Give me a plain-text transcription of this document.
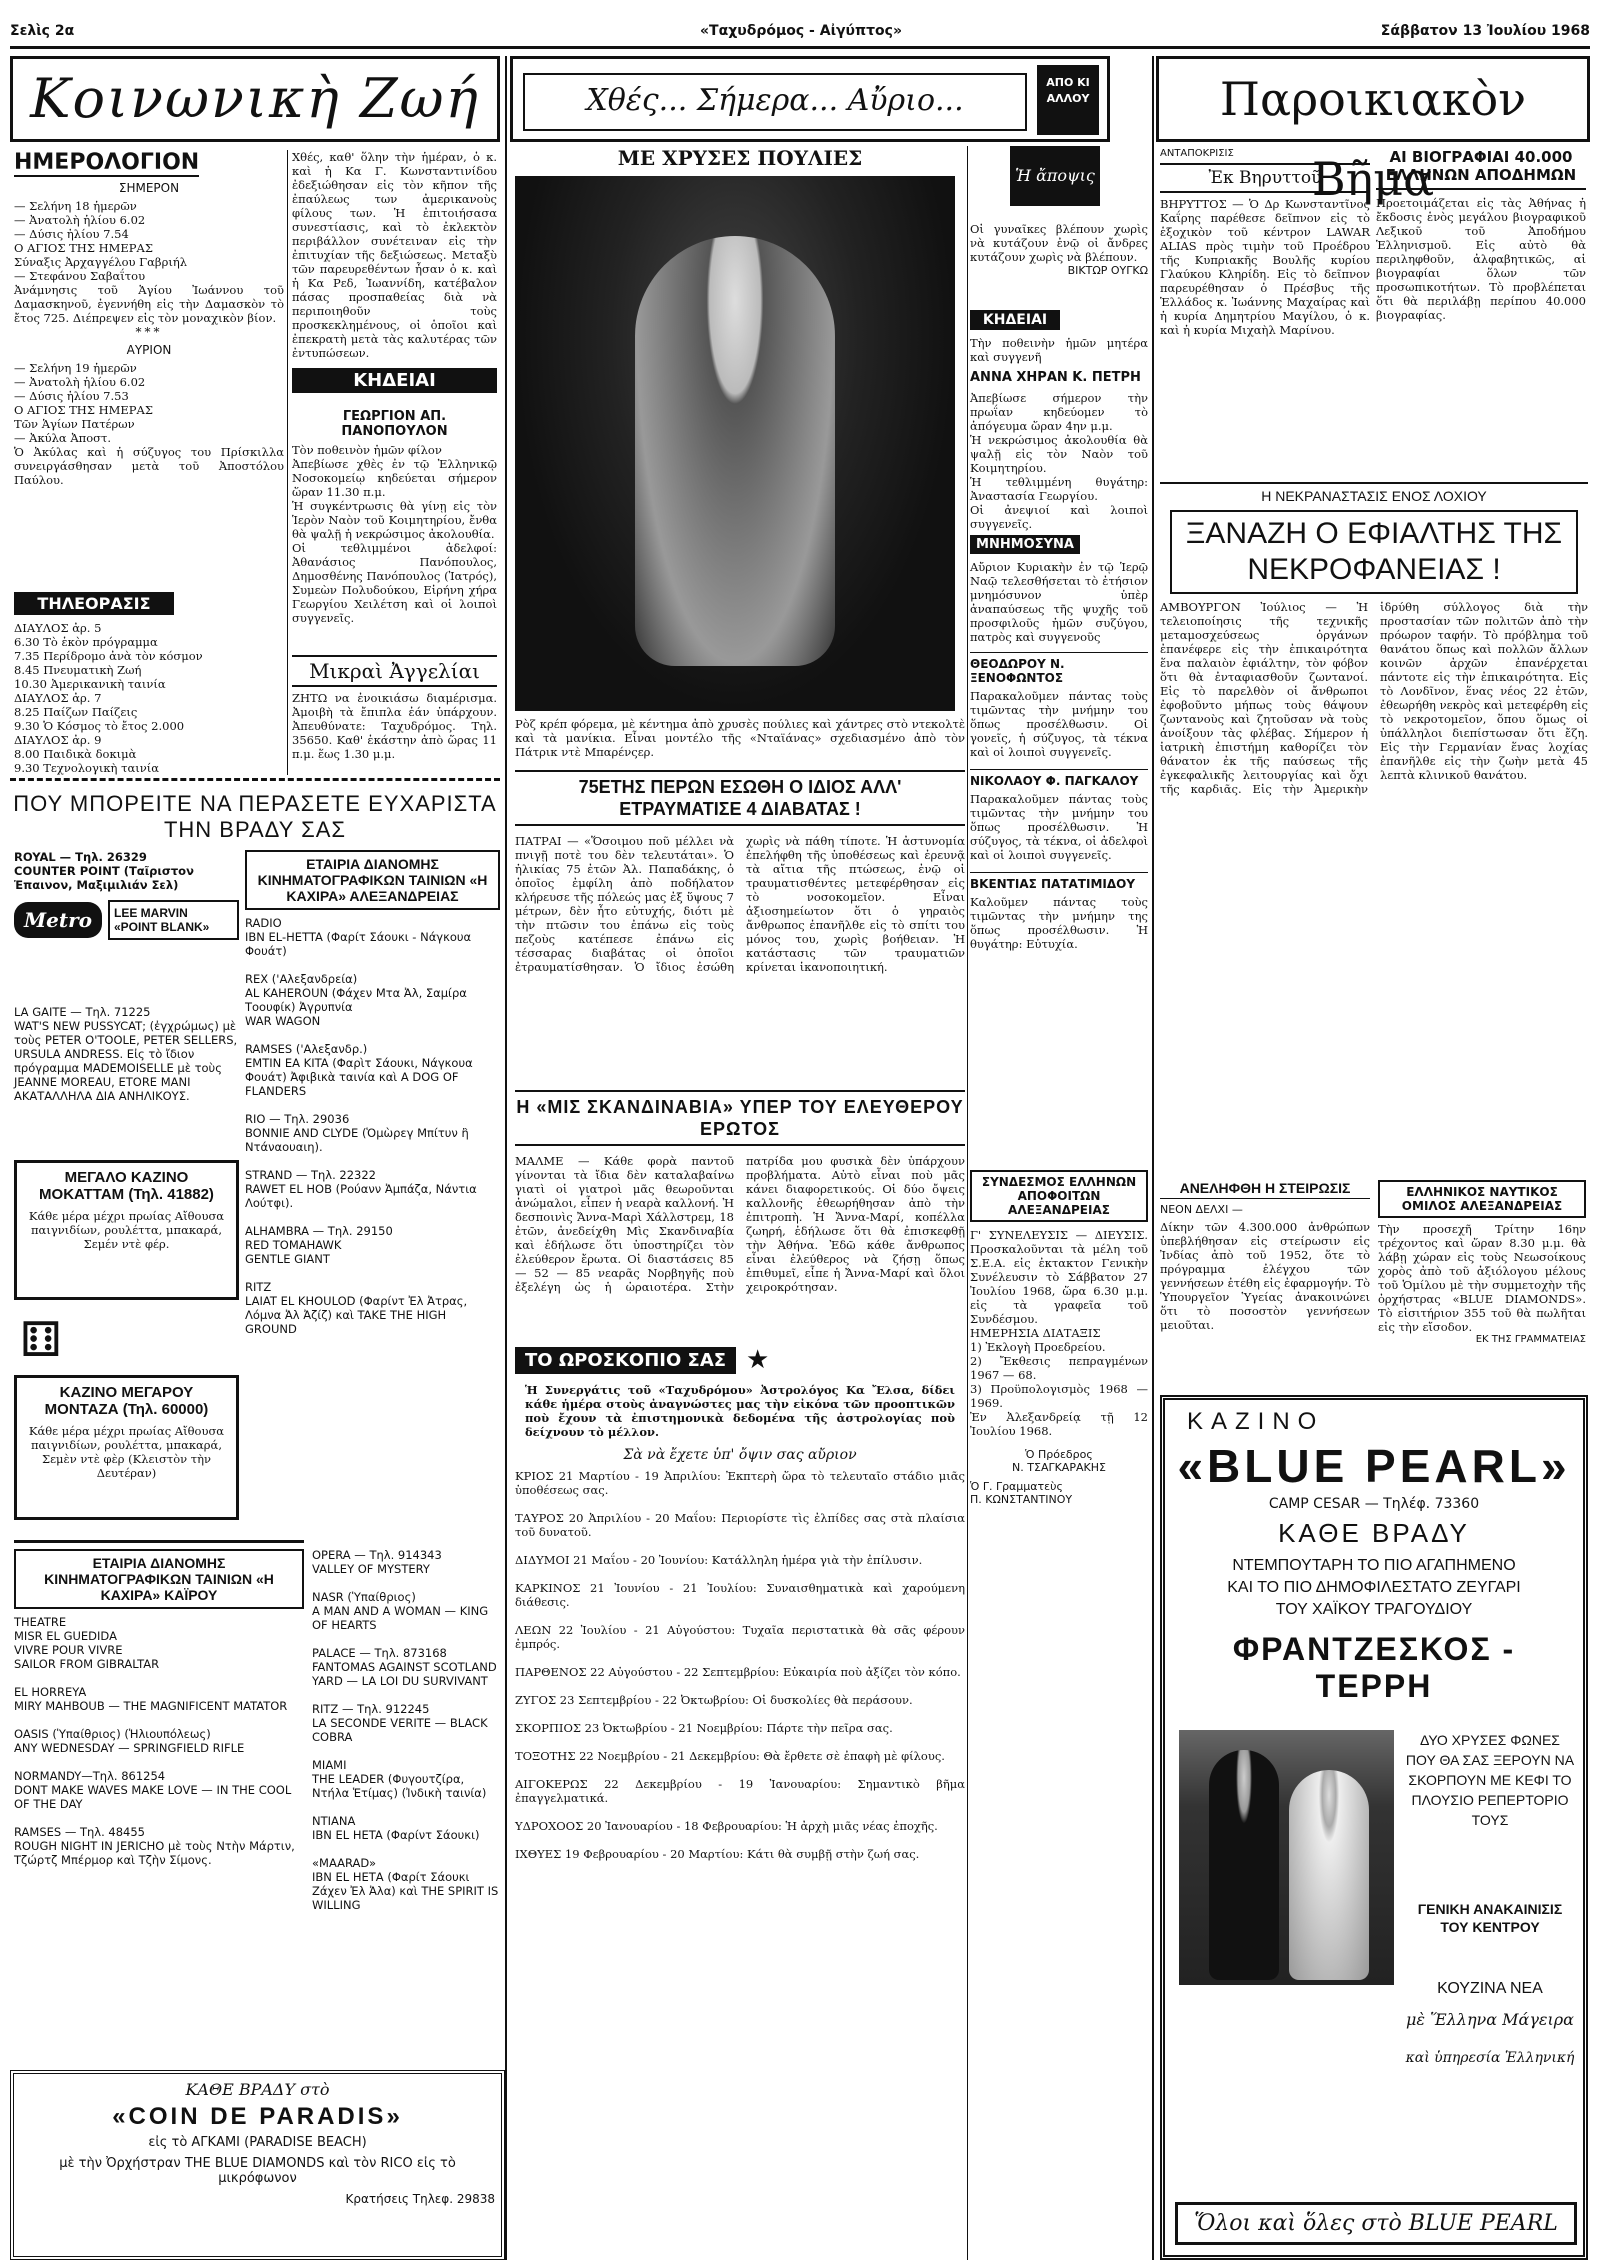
Σελὶς 2α	«Ταχυδρόμος - Αἰγύπτος»	Σάββατον 13 Ἰουλίου 1968
Κοινωνικὴ Ζωή
ΗΜΕΡΟΛΟΓΙΟΝ
ΣΗΜΕΡΟΝ
— Σελήνη 18 ἡμερῶν
— Ἀνατολὴ ἡλίου 6.02
— Δύσις ἡλίου 7.54
Ο ΑΓΙΟΣ ΤΗΣ ΗΜΕΡΑΣ
Σύναξις Ἀρχαγγέλου Γαβριήλ
— Στεφάνου Σαβαΐτου
Ἀνάμνησις τοῦ Ἁγίου Ἰωάννου τοῦ Δαμασκηνοῦ, ἐγεννήθη εἰς τὴν Δαμασκὸν τὸ ἔτος 725. Διέπρεψεν εἰς τὸν μοναχικὸν βίον.
***
ΑΥΡΙΟΝ
— Σελήνη 19 ἡμερῶν
— Ἀνατολὴ ἡλίου 6.02
— Δύσις ἡλίου 7.53
Ο ΑΓΙΟΣ ΤΗΣ ΗΜΕΡΑΣ
Τῶν Ἁγίων Πατέρων
— Ἀκύλα Ἀποστ.
Ὁ Ἀκύλας καὶ ἡ σύζυγος του Πρίσκιλλα συνειργάσθησαν μετὰ τοῦ Ἀποστόλου Παύλου.
ΤΗΛΕΟΡΑΣΙΣ
ΔΙΑΥΛΟΣ ἀρ. 5
6.30 Τὸ ἑκὸν πρόγραμμα
7.35 Περίδρομο ἀνὰ τὸν κόσμον
8.45 Πνευματικὴ Ζωή
10.30 Ἀμερικανικὴ ταινία
ΔΙΑΥΛΟΣ ἀρ. 7
8.25 Παίζων Παίζεις
9.30 Ὁ Κόσμος τὸ ἔτος 2.000
ΔΙΑΥΛΟΣ ἀρ. 9
8.00 Παιδικὰ δοκιμὰ
9.30 Τεχνολογικὴ ταινία
Χθές, καθ' ὅλην τὴν ἡμέραν, ὁ κ. καὶ ἡ Κα Γ. Κωνσταντινίδου ἐδεξιώθησαν εἰς τὸν κῆπον τῆς ἐπαύλεως των ἀμερικανοὺς φίλους των. Ἡ ἐπιτοιήσασα συνεστίασις, καὶ τὸ ἐκλεκτὸν περιβάλλον συνέτειναν εἰς τὴν ἐπιτυχίαν τῆς δεξιώσεως. Μεταξὺ τῶν παρευρεθέντων ἦσαν ὁ κ. καὶ ἡ Κα Ρεδ, Ἰωαννίδη, κατέβαλον πάσας προσπαθείας διὰ νὰ περιποιηθοῦν τοὺς προσκεκλημένους, οἱ ὁποῖοι καὶ ἐπεκρατὴ μετὰ τὰς καλυτέρας τῶν ἐντυπώσεων.
ΚΗΔΕΙΑΙ
ΓΕΩΡΓΙΟΝ ΑΠ. ΠΑΝΟΠΟΥΛΟΝ
Τὸν ποθεινὸν ἡμῶν φίλον
Ἀπεβίωσε χθὲς ἐν τῷ Ἑλληνικῷ Νοσοκομείῳ κηδεύεται σήμερον ὥραν 11.30 π.μ.
Ἡ συγκέντρωσις θὰ γίνῃ εἰς τὸν Ἱερὸν Ναὸν τοῦ Κοιμητηρίου, ἔνθα θὰ ψαλῇ ἡ νεκρώσιμος ἀκολουθία.
Οἱ τεθλιμμένοι ἀδελφοί: Ἀθανάσιος Πανόπουλος, Δημοσθένης Πανόπουλος (Ἰατρός), Συμεὼν Πολυδούκου, Εἰρήνη χήρα Γεωργίου Χειλέτση καὶ οἱ λοιποὶ συγγενεῖς.
Μικραὶ Ἀγγελίαι
ΖΗΤΩ να ἐνοικιάσω διαμέρισμα. Ἀμοιβὴ τὰ ἔπιπλα ἐάν ὑπάρχουν. Ἀπευθύνατε: Ταχυδρόμος. Τηλ. 35650. Καθ' ἑκάστην ἀπὸ ὥρας 11 π.μ. ἕως 1.30 μ.μ.
Χθές... Σήμερα... Αὔριο...
ΑΠΟ ΚΙ ΑΛΛΟΥ
ΜΕ ΧΡΥΣΕΣ ΠΟΥΛΙΕΣ
Ρὸζ κρέπ φόρεμα, μὲ κέντημα ἀπὸ χρυσὲς πούλιες καὶ χάντρες στὸ ντεκολτὲ καὶ τὰ μανίκια. Εἶναι μοντέλο τῆς «Νταϊάνας» σχεδιασμένο ἀπὸ τὸν Πάτρικ ντὲ Μπαρένςερ.
Ἡ ἄποψις
Οἱ γυναῖκες βλέπουν χωρὶς νὰ κυτάζουν ἐνῷ οἱ ἄνδρες κυτάζουν χωρὶς νὰ βλέπουν.
ΒΙΚΤΩΡ ΟΥΓΚΩ
ΚΗΔΕΙΑΙ
Τὴν ποθεινὴν ἡμῶν μητέρα καὶ συγγενῆ
ΑΝΝΑ ΧΗΡΑΝ Κ. ΠΕΤΡΗ
Ἀπεβίωσε σήμερον τὴν πρωΐαν κηδεύομεν τὸ ἀπόγευμα ὥραν 4ην μ.μ.
Ἡ νεκρώσιμος ἀκολουθία θὰ ψαλῇ εἰς τὸν Ναὸν τοῦ Κοιμητηρίου.
Ἡ τεθλιμμένη θυγάτηρ: Ἀναστασία Γεωργίου.
Οἱ ἀνεψιοί καὶ λοιποὶ συγγενεῖς.
ΜΝΗΜΟΣΥΝΑ
Αὔριον Κυριακὴν ἐν τῷ Ἱερῷ Ναῷ τελεσθήσεται τὸ ἐτήσιον μνημόσυνον ὑπὲρ ἀναπαύσεως τῆς ψυχῆς τοῦ προσφιλοῦς ἡμῶν συζύγου, πατρὸς καὶ συγγενοῦς
ΘΕΟΔΩΡΟΥ Ν. ΞΕΝΟΦΩΝΤΟΣ
Παρακαλοῦμεν πάντας τοὺς τιμῶντας τὴν μνήμην του ὅπως προσέλθωσιν. Οἱ γονεῖς, ἡ σύζυγος, τὰ τέκνα καὶ οἱ λοιποὶ συγγενεῖς.
ΝΙΚΟΛΑΟΥ Φ. ΠΑΓΚΑΛΟΥ
Παρακαλοῦμεν πάντας τοὺς τιμῶντας τὴν μνήμην του ὅπως προσέλθωσιν. Ἡ σύζυγος, τὰ τέκνα, οἱ ἀδελφοὶ καὶ οἱ λοιποὶ συγγενεῖς.
ΒΚΕΝΤΙΑΣ ΠΑΤΑΤΙΜΙΔΟΥ
Καλοῦμεν πάντας τοὺς τιμῶντας τὴν μνήμην της ὅπως προσέλθωσιν. Ἡ θυγάτηρ: Εὐτυχία.
75ΕΤΗΣ ΠΕΡΩΝ ΕΣΩΘΗ Ο ΙΔΙΟΣ ΑΛΛ' ΕΤΡΑΥΜΑΤΙΣΕ 4 ΔΙΑΒΑΤΑΣ !
ΠΑΤΡΑΙ — «Ὅσοιμου ποῦ μέλλει νὰ πνιγῇ ποτὲ του δὲν τελευτάται». Ὁ ἡλικίας 75 ἐτῶν Ἀλ. Παπαδάκης, ὁ ὁποῖος ἐμφίλη ἀπὸ ποδήλατον κλήρευσε τῆς πόλεώς μας ἐξ ὕψους 7 μέτρων, δὲν ἦτο εὐτυχής, διότι μὲ τὴν πτῶσιν του ἐπάνω εἰς τοὺς πεζοὺς κατέπεσε ἐπάνω εἰς τέσσαρας διαβάτας οἱ ὁποῖοι ἐτραυματίσθησαν. Ὁ ἴδιος ἐσώθη χωρὶς νὰ πάθη τίποτε. Ἡ ἀστυνομία ἐπελήφθη τῆς ὑποθέσεως καὶ ἐρευνᾷ τὰ αἴτια τῆς πτώσεως, ἐνῷ οἱ τραυματισθέντες μετεφέρθησαν εἰς τὸ νοσοκομεῖον. Εἶναι ἀξιοσημείωτον ὅτι ὁ γηραιὸς ἄνθρωπος ἐπανῆλθε εἰς τὸ σπίτι του μόνος του, χωρὶς βοήθειαν. Ἡ κατάστασις τῶν τραυματιῶν κρίνεται ἱκανοποιητική.
Η «ΜΙΣ ΣΚΑΝΔΙΝΑΒΙΑ» ΥΠΕΡ ΤΟΥ ΕΛΕΥΘΕΡΟΥ ΕΡΩΤΟΣ
ΜΑΛΜΕ — Κάθε φορὰ παντοῦ γίνονται τὰ ἴδια δὲν καταλαβαίνω γιατὶ οἱ γιατροὶ μᾶς θεωροῦνται ἀνώμαλοι, εἶπεν ἡ νεαρὰ καλλονή. Ἡ δεσποινὶς Ἄννα-Μαρὶ Χάλλστρεμ, 18 ἐτῶν, ἀνεδείχθη Μὶς Σκανδιναβία καὶ ἐδήλωσε ὅτι ὑποστηρίζει τὸν ἐλεύθερον ἔρωτα. Οἱ διαστάσεις 85 — 52 — 85 νεαρᾶς Νορβηγῆς ποὺ ἐξελέγη ὡς ἡ ὡραιοτέρα. Στὴν πατρίδα μου φυσικὰ δὲν ὑπάρχουν προβλήματα. Αὐτὸ εἶναι ποὺ μᾶς κάνει διαφορετικούς. Οἱ δύο ὄψεις καλλονῆς ἐθεωρήθησαν ἀπὸ τὴν ἐπιτροπὴ. Ἡ Ἄννα-Μαρί, κοπέλλα ζωηρή, ἐδήλωσε ὅτι θὰ ἐπισκεφθῇ τὴν Ἀθήνα. Ἐδῶ κάθε ἄνθρωπος εἶναι ἐλεύθερος νὰ ζήσῃ ὅπως ἐπιθυμεῖ, εἶπε ἡ Ἄννα-Μαρί καὶ ὅλοι χειροκρότησαν.
ΤΟ ΩΡΟΣΚΟΠΙΟ ΣΑΣ ★
Ἡ Συνεργάτις τοῦ «Ταχυδρόμου» Ἀστρολόγος Κα Ἔλσα, δίδει κάθε ἡμέρα στοὺς ἀναγνώστες μας τὴν εἰκόνα τῶν προοπτικῶν ποὺ ἔχουν τὰ ἐπιστημονικὰ δεδομένα τῆς ἀστρολογίας ποὺ δείχνουν τὸ μέλλον.
Σὰ νὰ ἔχετε ὑπ' ὄψιν σας αὔριον
ΚΡΙΟΣ 21 Μαρτίου - 19 Ἀπριλίου: Ἐκπτερὴ ὥρα τὸ τελευταῖο στάδιο μιᾶς ὑποθέσεως σας.
ΤΑΥΡΟΣ 20 Ἀπριλίου - 20 Μαΐου: Περιορίστε τὶς ἐλπίδες σας στὰ πλαίσια τοῦ δυνατοῦ.
ΔΙΔΥΜΟΙ 21 Μαΐου - 20 Ἰουνίου: Κατάλληλη ἡμέρα γιὰ τὴν ἐπίλυσιν.
ΚΑΡΚΙΝΟΣ 21 Ἰουνίου - 21 Ἰουλίου: Συναισθηματικὰ καὶ χαρούμενη διάθεσις.
ΛΕΩΝ 22 Ἰουλίου - 21 Αὐγούστου: Τυχαῖα περιστατικὰ θὰ σᾶς φέρουν ἐμπρός.
ΠΑΡΘΕΝΟΣ 22 Αὐγούστου - 22 Σεπτεμβρίου: Εὐκαιρία ποὺ ἀξίζει τὸν κόπο.
ΖΥΓΟΣ 23 Σεπτεμβρίου - 22 Ὀκτωβρίου: Οἱ δυσκολίες θὰ περάσουν.
ΣΚΟΡΠΙΟΣ 23 Ὀκτωβρίου - 21 Νοεμβρίου: Πάρτε τὴν πεῖρα σας.
ΤΟΞΟΤΗΣ 22 Νοεμβρίου - 21 Δεκεμβρίου: Θὰ ἔρθετε σὲ ἐπαφὴ μὲ φίλους.
ΑΙΓΟΚΕΡΩΣ 22 Δεκεμβρίου - 19 Ἰανουαρίου: Σημαντικὸ βῆμα ἐπαγγελματικά.
ΥΔΡΟΧΟΟΣ 20 Ἰανουαρίου - 18 Φεβρουαρίου: Ἡ ἀρχὴ μιᾶς νέας ἐποχῆς.
ΙΧΘΥΕΣ 19 Φεβρουαρίου - 20 Μαρτίου: Κάτι θὰ συμβῇ στὴν ζωή σας.
ΣΥΝΔΕΣΜΟΣ ΕΛΛΗΝΩΝ ΑΠΟΦΟΙΤΩΝ ΑΛΕΞΑΝΔΡΕΙΑΣ
Γ' ΣΥΝΕΛΕΥΣΙΣ — ΔΙΕΥΣΙΣ. Προσκαλοῦνται τὰ μέλη τοῦ Σ.Ε.Α. εἰς ἐκτακτον Γενικὴν Συνέλευσιν τὸ Σάββατον 27 Ἰουλίου 1968, ὥρα 6.30 μ.μ. εἰς τὰ γραφεῖα τοῦ Συνδέσμου.
ΗΜΕΡΗΣΙΑ ΔΙΑΤΑΞΙΣ
1) Ἐκλογὴ Προεδρείου.
2) Ἔκθεσις πεπραγμένων 1967 — 68.
3) Προϋπολογισμὸς 1968 — 1969.
Ἐν Ἀλεξανδρείᾳ τῇ 12 Ἰουλίου 1968.
Ὁ Πρόεδρος
Ν. ΤΣΑΓΚΑΡΑΚΗΣ
Ὁ Γ. Γραμματεὺς
Π. ΚΩΝΣΤΑΝΤΙΝΟΥ
Παροικιακὸν Βῆμα
ΑΝΤΑΠΟΚΡΙΣΙΣ
Ἐκ Βηρυττοῦ
ΒΗΡΥΤΤΟΣ — Ὁ Δρ Κωνσταντῖνος Καΐρης παρέθεσε δεῖπνον εἰς τὸ ἑξοχικὸν τοῦ κέντρον LAWAR ALIAS πρὸς τιμὴν τοῦ Προέδρου τῆς Κυπριακῆς Βουλῆς κυρίου Γλαύκου Κληρίδη. Εἰς τὸ δεῖπνον παρευρέθησαν ὁ Πρέσβυς τῆς Ἑλλάδος κ. Ἰωάννης Μαχαίρας καὶ ἡ κυρία Δημητρίου Μαγίλου, ὁ κ. καὶ ἡ κυρία Μιχαὴλ Μαρίνου.
ΑΙ ΒΙΟΓΡΑΦΙΑΙ 40.000 ΕΛΛΗΝΩΝ ΑΠΟΔΗΜΩΝ
Προετοιμάζεται εἰς τὰς Ἀθήνας ἡ ἔκδοσις ἑνὸς μεγάλου βιογραφικοῦ Λεξικοῦ τοῦ Ἀποδήμου Ἑλληνισμοῦ. Εἰς αὐτὸ θὰ περιληφθοῦν, ἀλφαβητικῶς, αἱ βιογραφίαι ὅλων τῶν προσωπικοτήτων. Τὸ προβλέπεται ὅτι θὰ περιλάβῃ περίπου 40.000 βιογραφίας.
Η ΝΕΚΡΑΝΑΣΤΑΣΙΣ ΕΝΟΣ ΛΟΧΙΟΥ
ΞΑΝΑΖΗ Ο ΕΦΙΑΛΤΗΣ ΤΗΣ ΝΕΚΡΟΦΑΝΕΙΑΣ !
ΑΜΒΟΥΡΓΟΝ Ἰούλιος — Ἡ τελειοποίησις τῆς τεχνικῆς μεταμοσχεύσεως ὀργάνων ἐπανέφερε εἰς τὴν ἐπικαιρότητα ἕνα παλαιὸν ἐφιάλτην, τὸν φόβον ὅτι θὰ ἐνταφιασθοῦν ζωντανοί. Εἰς τὸ παρελθὸν οἱ ἄνθρωποι ἐφοβοῦντο μήπως τοὺς θάψουν ζωντανοὺς καὶ ζητοῦσαν νὰ τοὺς ἀνοίξουν τὰς φλέβας. Σήμερον ἡ ἰατρικὴ ἐπιστήμη καθορίζει τὸν θάνατον ἐκ τῆς παύσεως τῆς ἐγκεφαλικῆς λειτουργίας καὶ ὄχι τῆς καρδιᾶς. Εἰς τὴν Ἀμερικὴν ἱδρύθη σύλλογος διὰ τὴν προστασίαν τῶν πολιτῶν ἀπὸ τὴν πρόωρον ταφήν. Τὸ πρόβλημα τοῦ θανάτου ὅπως καὶ πολλῶν ἄλλων κοινῶν ἀρχῶν ἐπανέρχεται πάντοτε εἰς τὴν ἐπικαιρότητα. Εἰς τὸ Λονδῖνον, ἕνας νέος 22 ἐτῶν, ἐθεωρήθη νεκρὸς καὶ μετεφέρθη εἰς τὸ νεκροτομεῖον, ὅπου ὅμως οἱ ὑπάλληλοι διεπίστωσαν ὅτι ἔζη. Εἰς τὴν Γερμανίαν ἕνας λοχίας ἐπανῆλθε εἰς τὴν ζωὴν μετὰ 45 λεπτὰ κλινικοῦ θανάτου.
ΑΝΕΛΗΦΘΗ Η ΣΤΕΙΡΩΣΙΣ
ΝΕΟΝ ΔΕΛΧΙ —
Δίκην τῶν 4.300.000 ἀνθρώπων ὑπεβλήθησαν εἰς στείρωσιν εἰς Ἰνδίας ἀπὸ τοῦ 1952, ὅτε τὸ πρόγραμμα ἐλέγχου τῶν γεννήσεων ἐτέθη εἰς ἐφαρμογήν. Τὸ Ὑπουργεῖον Ὑγείας ἀνακοινώνει ὅτι τὸ ποσοστὸν γεννήσεων μειοῦται.
ΕΛΛΗΝΙΚΟΣ ΝΑΥΤΙΚΟΣ ΟΜΙΛΟΣ ΑΛΕΞΑΝΔΡΕΙΑΣ
Τὴν προσεχῆ Τρίτην 16ην τρέχοντος καὶ ὥραν 8.30 μ.μ. θὰ λάβῃ χώραν εἰς τοὺς Νεωσοίκους χορὸς ἀπὸ τοῦ ἀξιόλογου μέλους τοῦ Ὁμίλου μὲ τὴν συμμετοχὴν τῆς ὀρχήστρας «BLUE DIAMONDS». Τὸ εἰσιτήριον 355 τοῦ θὰ πωλῆται εἰς τὴν εἴσοδον.
ΕΚ ΤΗΣ ΓΡΑΜΜΑΤΕΙΑΣ
ΚΑΖΙΝΟ
«BLUE PEARL»
CAMP CESAR — Τηλέφ. 73360
ΚΑΘΕ ΒΡΑΔΥ
ΝΤΕΜΠΟΥΤΑΡΗ ΤΟ ΠΙΟ ΑΓΑΠΗΜΕΝΟ
ΚΑΙ ΤΟ ΠΙΟ ΔΗΜΟΦΙΛΕΣΤΑΤΟ ΖΕΥΓΑΡΙ
ΤΟΥ ΧΑΪΚΟΥ ΤΡΑΓΟΥΔΙΟΥ
ΦΡΑΝΤΖΕΣΚΟΣ - ΤΕΡΡΗ
ΔΥΟ ΧΡΥΣΕΣ ΦΩΝΕΣ ΠΟΥ ΘΑ ΣΑΣ ΞΕΡΟΥΝ ΝΑ ΣΚΟΡΠΟΥΝ ΜΕ ΚΕΦΙ ΤΟ ΠΛΟΥΣΙΟ ΡΕΠΕΡΤΟΡΙΟ ΤΟΥΣ
ΓΕΝΙΚΗ ΑΝΑΚΑΙΝΙΣΙΣ ΤΟΥ ΚΕΝΤΡΟΥ
ΚΟΥΖΙΝΑ ΝΕΑ
μὲ Ἕλληνα Μάγειρα
καὶ ὑπηρεσία Ἑλληνική
Ὅλοι καὶ ὅλες στὸ BLUE PEARL
ΠΟΥ ΜΠΟΡΕΙΤΕ ΝΑ ΠΕΡΑΣΕΤΕ ΕΥΧΑΡΙΣΤΑ ΤΗΝ ΒΡΑΔΥ ΣΑΣ
ROYAL — Τηλ. 26329
COUNTER POINT (Ταῖριστον Ἐπαινον, Μαξιμιλιάν Σελ)
Metro	LEE MARVIN «POINT BLANK»
LA GAITE — Τηλ. 71225
WAT'S NEW PUSSYCAT; (ἐγχρώμως) μὲ τοὺς PETER O'TOOLE, PETER SELLERS, URSULA ANDRESS. Εἰς τὸ ἴδιον πρόγραμμα MADEMOISELLE μὲ τοὺς JEANNE MOREAU, ETORE MANI ΑΚΑΤΑΛΛΗΛΑ ΔΙΑ ΑΝΗΛΙΚΟΥΣ.
ΜΕΓΑΛΟ ΚΑΖΙΝΟ ΜΟΚΑΤΤΑΜ (Τηλ. 41882)
Κάθε μέρα μέχρι πρωίας Αἴθουσα παιγνιδίων, ρουλέττα, μπακαρά, Σεμέν ντὲ φέρ.
⚅
ΚΑΖΙΝΟ ΜΕΓΑΡΟΥ ΜΟΝΤΑΖΑ (Τηλ. 60000)
Κάθε μέρα μέχρι πρωίας Αἴθουσα παιγνιδίων, ρουλέττα, μπακαρά, Σεμὲν ντὲ φὲρ (Κλειστὸν τὴν Δευτέραν)
ΕΤΑΙΡΙΑ ΔΙΑΝΟΜΗΣ ΚΙΝΗΜΑΤΟΓΡΑΦΙΚΩΝ ΤΑΙΝΙΩΝ «Η ΚΑΧΙΡΑ» ΑΛΕΞΑΝΔΡΕΙΑΣ
RADIO
IBN EL-HETTA (Φαρίτ Σάουκι - Νάγκουα Φουάτ)

REX ('Αλεξανδρεία)
AL KAHEROUN (Φάχεν Μτα Ἀλ, Σαμίρα Τοουφίκ) Ἀγρυπνία
WAR WAGON

RAMSES ('Αλεξανδρ.)
EMTIN EA KITA (Φαρὶτ Σάουκι, Νάγκουα Φουάτ) Ἀφιβικὰ ταινία καὶ A DOG OF FLANDERS

RIO — Τηλ. 29036
BONNIE AND CLYDE (Ὁμὼρεγ Μπίτυν ἢ Ντάναουαιη).

STRAND — Τηλ. 22322
RAWET EL HOB (Ρούανν Ἀμπάζα, Νάντια Λούτφι).

ALHAMBRA — Τηλ. 29150
RED TOMAHAWK
GENTLE GIANT

RITZ
LAIAT EL KHOULOD (Φαρίντ Ἐλ Ἀτρας, Λόμνα Ἀλ Ἀζίζ) καὶ TAKE THE HIGH GROUND
ΕΤΑΙΡΙΑ ΔΙΑΝΟΜΗΣ ΚΙΝΗΜΑΤΟΓΡΑΦΙΚΩΝ ΤΑΙΝΙΩΝ «Η ΚΑΧΙΡΑ» ΚΑΪΡΟΥ
THEATRE
MISR EL GUEDIDA
VIVRE POUR VIVRE
SAILOR FROM GIBRALTAR

EL HORREYA
MIRY MAHBOUB — THE MAGNIFICENT MATATOR

OASIS (Ὑπαίθριος) (Ἡλιουπόλεως)
ANY WEDNESDAY — SPRINGFIELD RIFLE

NORMANDY—Τηλ. 861254
DONT MAKE WAVES MAKE LOVE — IN THE COOL OF THE DAY

RAMSES — Τηλ. 48455
ROUGH NIGHT IN JERICHO μὲ τοὺς Ντὴν Μάρτιν, Τζώρτζ Μπέρμορ καὶ Τζὴν Σίμονς.
OPERA — Τηλ. 914343
VALLEY OF MYSTERY

NASR (Ὑπαίθριος)
A MAN AND A WOMAN — KING OF HEARTS

PALACE — Τηλ. 873168
FANTOMAS AGAINST SCOTLAND YARD — LA LOI DU SURVIVANT

RITZ — Τηλ. 912245
LA SECONDE VERITE — BLACK COBRA

MIAMI
THE LEADER (Φυγουτζίρα, Ντήλα Ἑτίμας) (Ἰνδικὴ ταινία)

ΝΤΙΑΝΑ
IBN EL HETA (Φαρίντ Σάουκι)

«MAARAD»
ΙΒΝ ΕL ΗΕΤΑ (Φαρίτ Σάουκι Ζάχεν Ἐλ Ἀλα) καὶ THE SPIRIT IS WILLING
ΚΑΘΕ ΒΡΑΔΥ στὸ
«COIN DE PARADIS»
εἰς τὸ ΑΓΚΑΜΙ (PARADISE BEACH)
μὲ τὴν Ὀρχήστραν THE BLUE DIAMONDS καὶ τὸν RICO εἰς τὸ μικρόφωνον
Κρατήσεις Τηλεφ. 29838
